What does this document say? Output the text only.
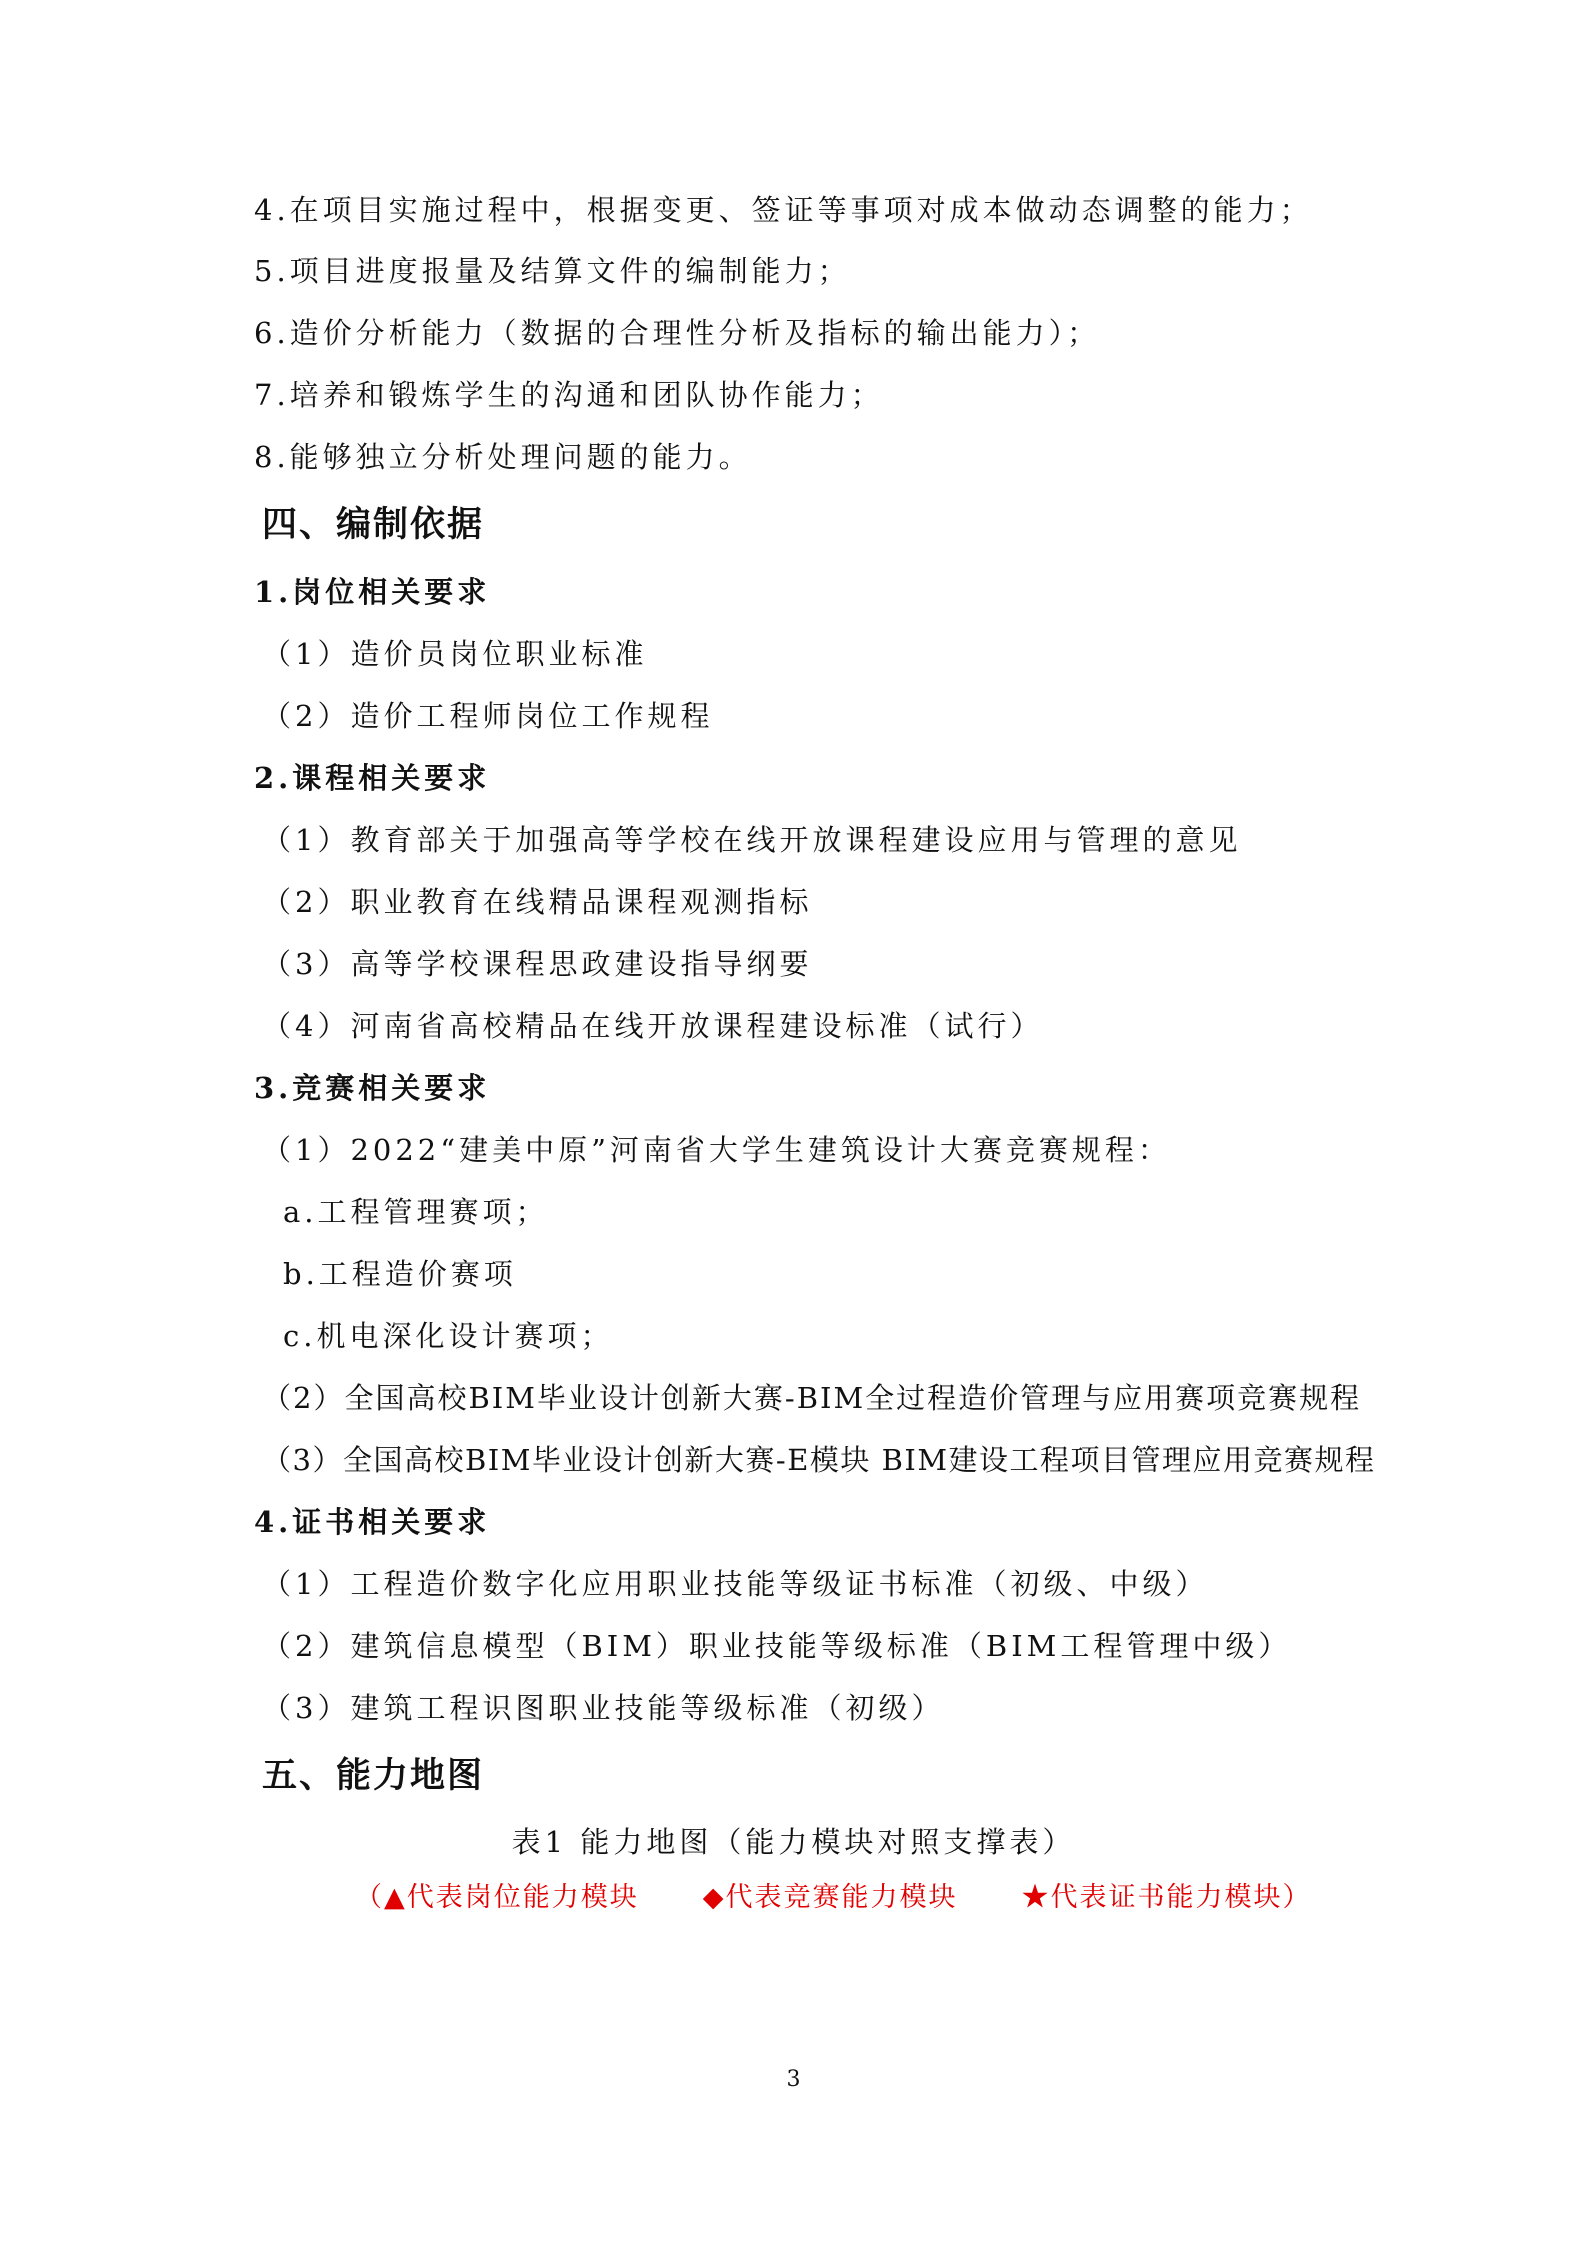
4.在项目实施过程中，根据变更、签证等事项对成本做动态调整的能力；
5.项目进度报量及结算文件的编制能力；
6.造价分析能力（数据的合理性分析及指标的输出能力）；
7.培养和锻炼学生的沟通和团队协作能力；
8.能够独立分析处理问题的能力。
四、编制依据
1.岗位相关要求
（1）造价员岗位职业标准
（2）造价工程师岗位工作规程
2.课程相关要求
（1）教育部关于加强高等学校在线开放课程建设应用与管理的意见
（2）职业教育在线精品课程观测指标
（3）高等学校课程思政建设指导纲要
（4）河南省高校精品在线开放课程建设标准（试行）
3.竞赛相关要求
（1）2022“建美中原”河南省大学生建筑设计大赛竞赛规程：
a.工程管理赛项；
b.工程造价赛项
c.机电深化设计赛项；
（2）全国高校BIM毕业设计创新大赛-BIM全过程造价管理与应用赛项竞赛规程
（3）全国高校BIM毕业设计创新大赛-E模块 BIM建设工程项目管理应用竞赛规程
4.证书相关要求
（1）工程造价数字化应用职业技能等级证书标准（初级、中级）
（2）建筑信息模型（BIM）职业技能等级标准（BIM工程管理中级）
（3）建筑工程识图职业技能等级标准（初级）
五、能力地图
表1 能力地图（能力模块对照支撑表）
（▲代表岗位能力模块 ◆代表竞赛能力模块 ★代表证书能力模块）
3
